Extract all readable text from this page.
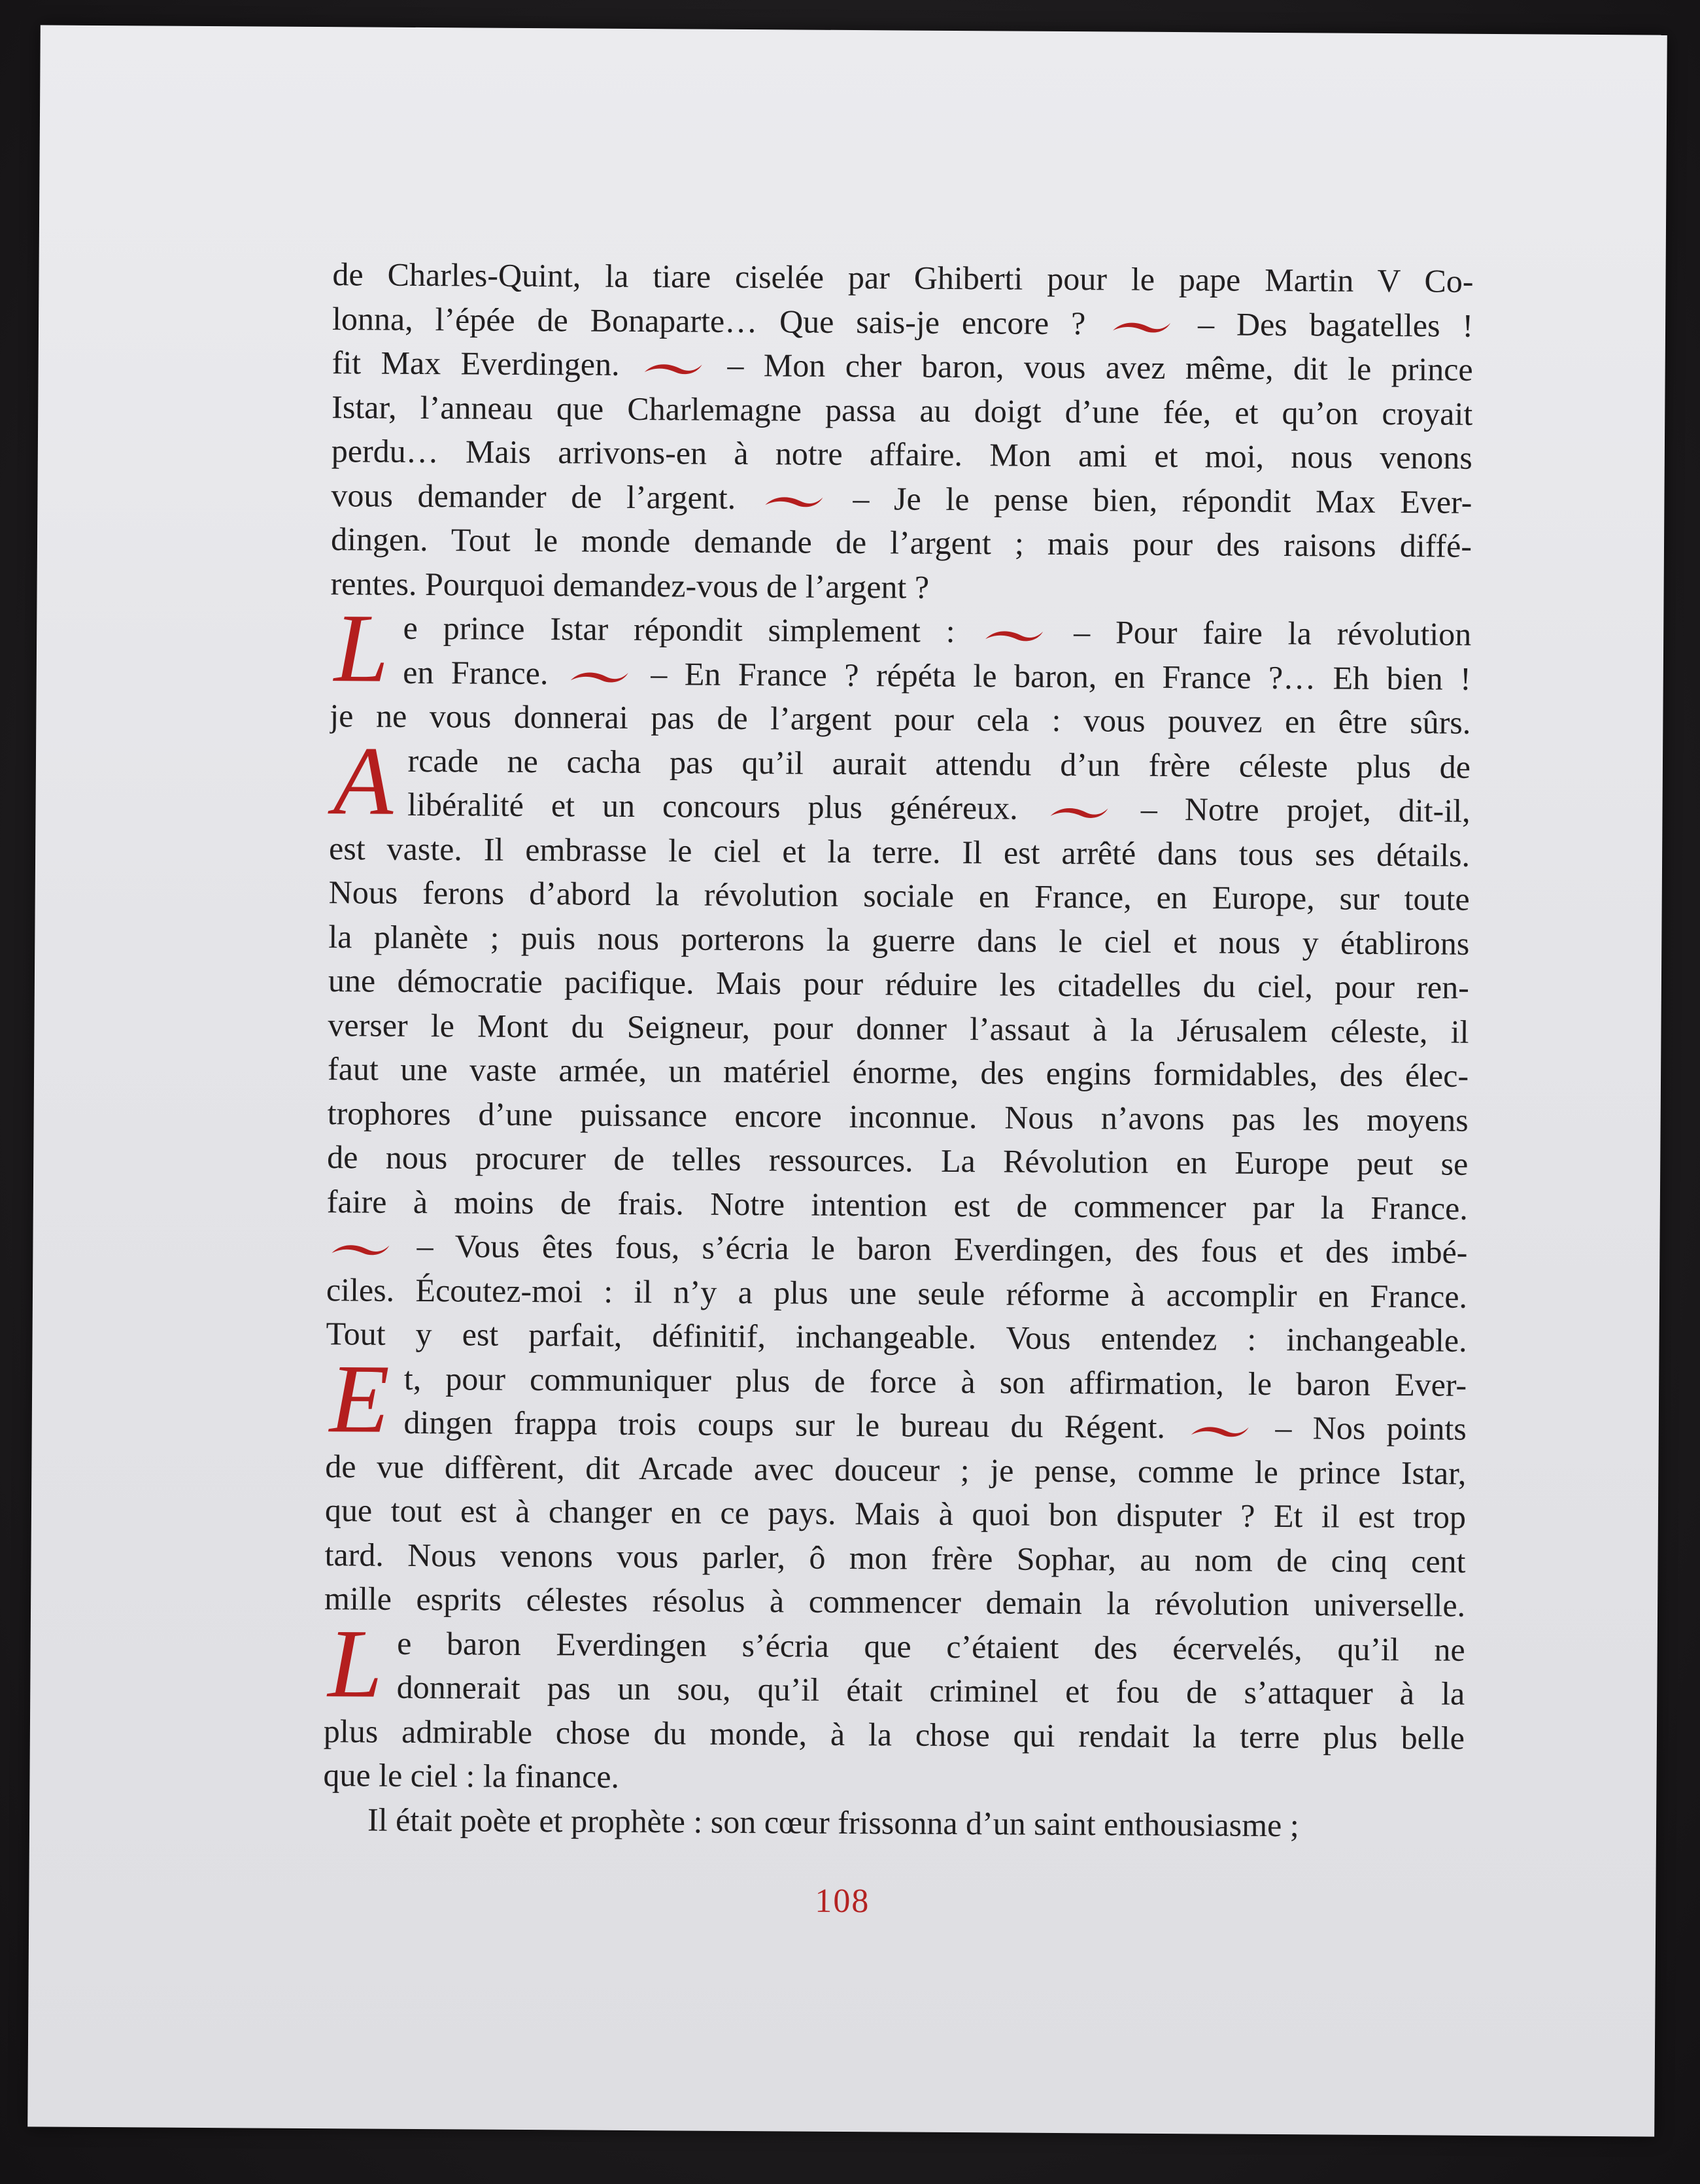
de Charles-Quint, la tiare ciselée par Ghiberti pour le pape Martin V Co-
lonna, l’épée de Bonaparte… Que sais-je encore ?	– Des bagatelles !
fit Max Everdingen.	– Mon cher baron, vous avez même, dit le prince
Istar, l’anneau que Charlemagne passa au doigt d’une fée, et qu’on croyait
perdu… Mais arrivons-en à notre affaire. Mon ami et moi, nous venons
vous demander de l’argent.	– Je le pense bien, répondit Max Ever-
dingen. Tout le monde demande de l’argent ; mais pour des raisons diffé-
rentes. Pourquoi demandez-vous de l’argent ?
L e prince Istar répondit simplement :	– Pour faire la révolution
en France.	– En France ? répéta le baron, en France ?… Eh bien !
je ne vous donnerai pas de l’argent pour cela : vous pouvez en être sûrs.
A rcade ne cacha pas qu’il aurait attendu d’un frère céleste plus de
libéralité et un concours plus généreux.	– Notre projet, dit-il,
est vaste. Il embrasse le ciel et la terre. Il est arrêté dans tous ses détails.
Nous ferons d’abord la révolution sociale en France, en Europe, sur toute
la planète ; puis nous porterons la guerre dans le ciel et nous y établirons
une démocratie pacifique. Mais pour réduire les citadelles du ciel, pour ren-
verser le Mont du Seigneur, pour donner l’assaut à la Jérusalem céleste, il
faut une vaste armée, un matériel énorme, des engins formidables, des élec-
trophores d’une puissance encore inconnue. Nous n’avons pas les moyens
de nous procurer de telles ressources. La Révolution en Europe peut se
faire à moins de frais. Notre intention est de commencer par la France.
– Vous êtes fous, s’écria le baron Everdingen, des fous et des imbé-
ciles. Écoutez-moi : il n’y a plus une seule réforme à accomplir en France.
Tout y est parfait, définitif, inchangeable. Vous entendez : inchangeable.
E t, pour communiquer plus de force à son affirmation, le baron Ever-
dingen frappa trois coups sur le bureau du Régent.	– Nos points
de vue diffèrent, dit Arcade avec douceur ; je pense, comme le prince Istar,
que tout est à changer en ce pays. Mais à quoi bon disputer ? Et il est trop
tard. Nous venons vous parler, ô mon frère Sophar, au nom de cinq cent
mille esprits célestes résolus à commencer demain la révolution universelle.
L e baron Everdingen s’écria que c’étaient des écervelés, qu’il ne
donnerait pas un sou, qu’il était criminel et fou de s’attaquer à la
plus admirable chose du monde, à la chose qui rendait la terre plus belle
que le ciel : la finance.
Il était poète et prophète : son cœur frissonna d’un saint enthousiasme ;
108
